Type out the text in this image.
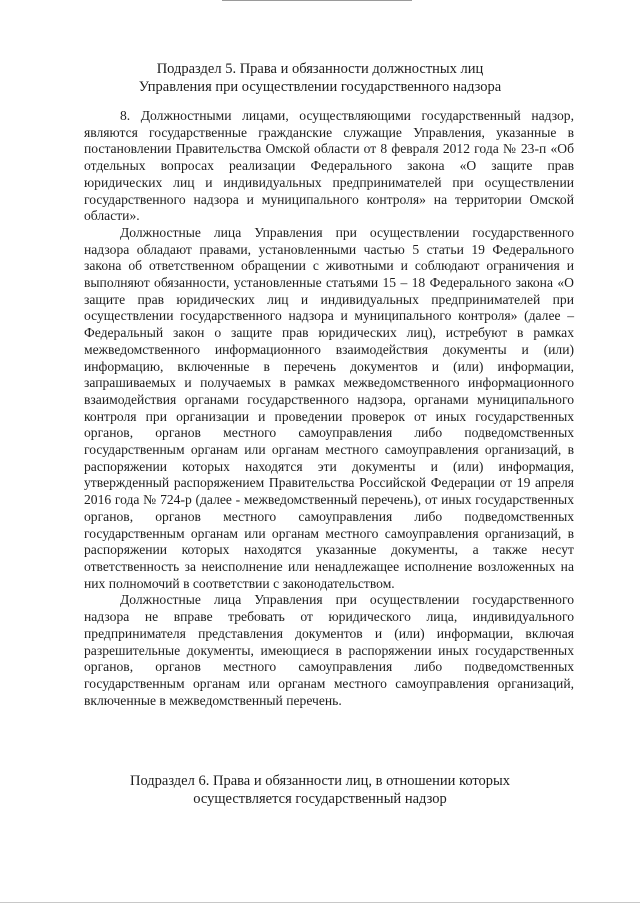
Подраздел 5. Права и обязанности должностных лиц
Управления при осуществлении государственного надзора

8. Должностными лицами, осуществляющими государственный надзор, являются государственные гражданские служащие Управления, указанные в постановлении Правительства Омской области от 8 февраля 2012 года № 23-п «Об отдельных вопросах реализации Федерального закона «О защите прав юридических лиц и индивидуальных предпринимателей при осуществлении государственного надзора и муниципального контроля» на территории Омской области».

Должностные лица Управления при осуществлении государственного надзора обладают правами, установленными частью 5 статьи 19 Федерального закона об ответственном обращении с животными и соблюдают ограничения и выполняют обязанности, установленные статьями 15 – 18 Федерального закона «О защите прав юридических лиц и индивидуальных предпринимателей при осуществлении государственного надзора и муниципального контроля» (далее – Федеральный закон о защите прав юридических лиц), истребуют в рамках межведомственного информационного взаимодействия документы и (или) информацию, включенные в перечень документов и (или) информации, запрашиваемых и получаемых в рамках межведомственного информационного взаимодействия органами государственного надзора, органами муниципального контроля при организации и проведении проверок от иных государственных органов, органов местного самоуправления либо подведомственных государственным органам или органам местного самоуправления организаций, в распоряжении которых находятся эти документы и (или) информация, утвержденный распоряжением Правительства Российской Федерации от 19 апреля 2016 года № 724-р (далее - межведомственный перечень), от иных государственных органов, органов местного самоуправления либо подведомственных государственным органам или органам местного самоуправления организаций, в распоряжении которых находятся указанные документы, а также несут ответственность за неисполнение или ненадлежащее исполнение возложенных на них полномочий в соответствии с законодательством.

Должностные лица Управления при осуществлении государственного надзора не вправе требовать от юридического лица, индивидуального предпринимателя представления документов и (или) информации, включая разрешительные документы, имеющиеся в распоряжении иных государственных органов, органов местного самоуправления либо подведомственных государственным органам или органам местного самоуправления организаций, включенные в межведомственный перечень.

Подраздел 6. Права и обязанности лиц, в отношении которых
осуществляется государственный надзор
